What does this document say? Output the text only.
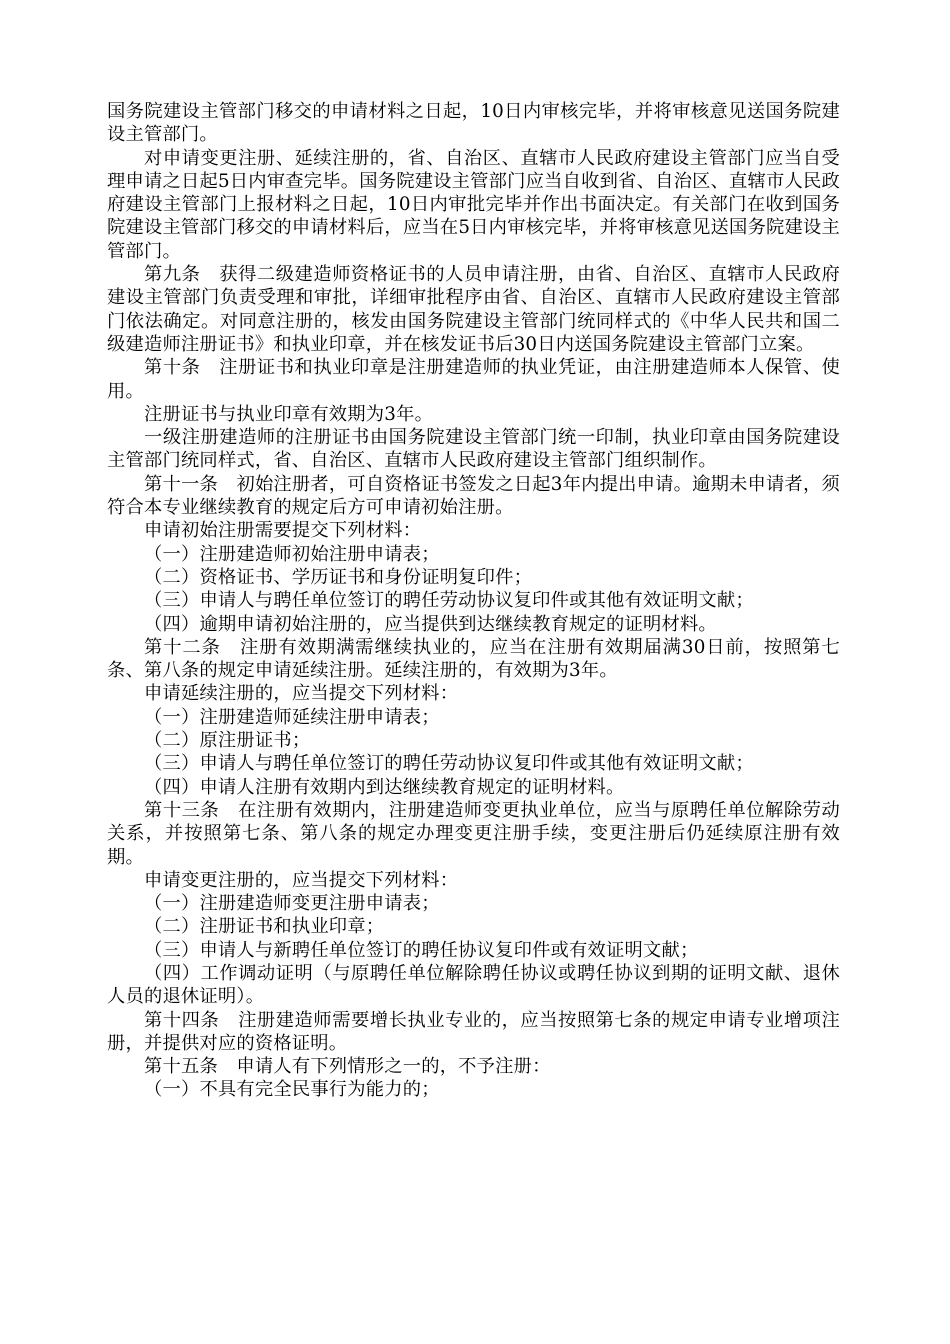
国务院建设主管部门移交的申请材料之日起，10日内审核完毕，并将审核意见送国务院建设主管部门。

对申请变更注册、延续注册的，省、自治区、直辖市人民政府建设主管部门应当自受理申请之日起5日内审查完毕。国务院建设主管部门应当自收到省、自治区、直辖市人民政府建设主管部门上报材料之日起，10日内审批完毕并作出书面决定。有关部门在收到国务院建设主管部门移交的申请材料后，应当在5日内审核完毕，并将审核意见送国务院建设主管部门。

第九条　获得二级建造师资格证书的人员申请注册，由省、自治区、直辖市人民政府建设主管部门负责受理和审批，详细审批程序由省、自治区、直辖市人民政府建设主管部门依法确定。对同意注册的，核发由国务院建设主管部门统同样式的《中华人民共和国二级建造师注册证书》和执业印章，并在核发证书后30日内送国务院建设主管部门立案。

第十条　注册证书和执业印章是注册建造师的执业凭证，由注册建造师本人保管、使用。

注册证书与执业印章有效期为3年。

一级注册建造师的注册证书由国务院建设主管部门统一印制，执业印章由国务院建设主管部门统同样式，省、自治区、直辖市人民政府建设主管部门组织制作。

第十一条　初始注册者，可自资格证书签发之日起3年内提出申请。逾期未申请者，须符合本专业继续教育的规定后方可申请初始注册。

申请初始注册需要提交下列材料：

（一）注册建造师初始注册申请表；

（二）资格证书、学历证书和身份证明复印件；

（三）申请人与聘任单位签订的聘任劳动协议复印件或其他有效证明文献；

（四）逾期申请初始注册的，应当提供到达继续教育规定的证明材料。

第十二条　注册有效期满需继续执业的，应当在注册有效期届满30日前，按照第七条、第八条的规定申请延续注册。延续注册的，有效期为3年。

申请延续注册的，应当提交下列材料：

（一）注册建造师延续注册申请表；

（二）原注册证书；

（三）申请人与聘任单位签订的聘任劳动协议复印件或其他有效证明文献；

（四）申请人注册有效期内到达继续教育规定的证明材料。

第十三条　在注册有效期内，注册建造师变更执业单位，应当与原聘任单位解除劳动关系，并按照第七条、第八条的规定办理变更注册手续，变更注册后仍延续原注册有效期。

申请变更注册的，应当提交下列材料：

（一）注册建造师变更注册申请表；

（二）注册证书和执业印章；

（三）申请人与新聘任单位签订的聘任协议复印件或有效证明文献；

（四）工作调动证明（与原聘任单位解除聘任协议或聘任协议到期的证明文献、退休人员的退休证明）。

第十四条　注册建造师需要增长执业专业的，应当按照第七条的规定申请专业增项注册，并提供对应的资格证明。

第十五条　申请人有下列情形之一的，不予注册：

（一）不具有完全民事行为能力的；
